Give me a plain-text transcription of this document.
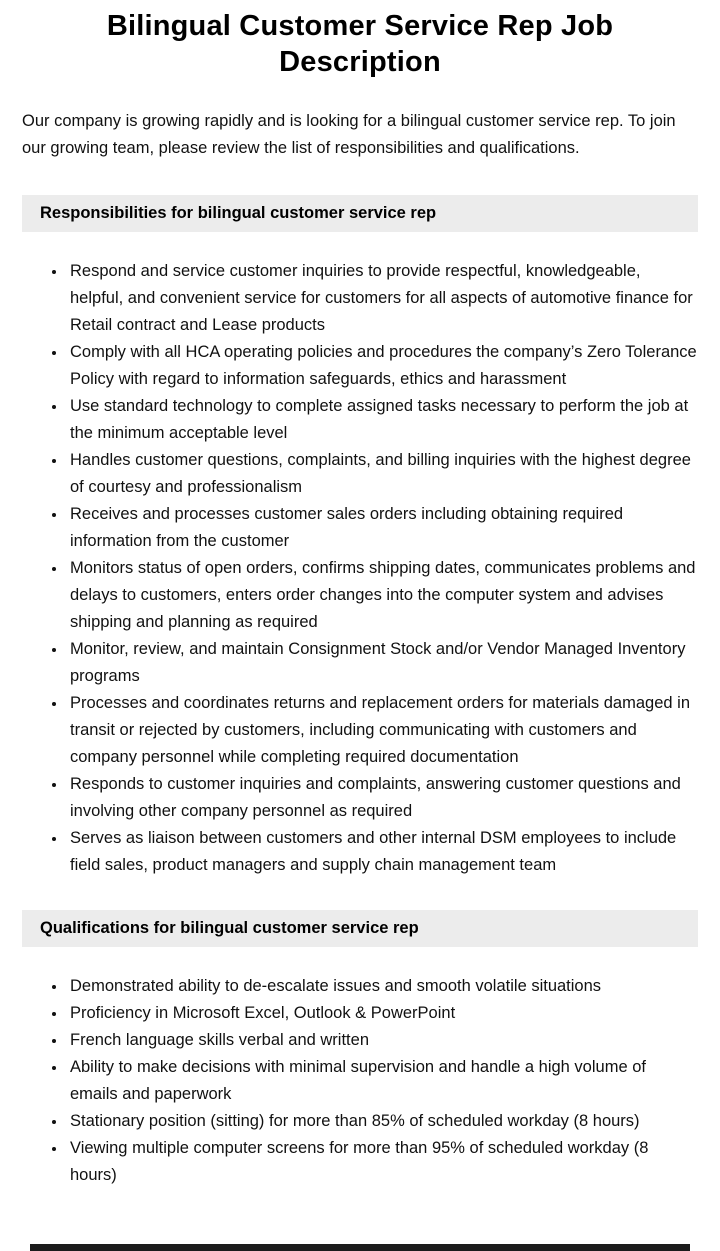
Bilingual Customer Service Rep Job Description

Our company is growing rapidly and is looking for a bilingual customer service rep. To join our growing team, please review the list of responsibilities and qualifications.

Responsibilities for bilingual customer service rep
• Respond and service customer inquiries to provide respectful, knowledgeable, helpful, and convenient service for customers for all aspects of automotive finance for Retail contract and Lease products
• Comply with all HCA operating policies and procedures the company’s Zero Tolerance Policy with regard to information safeguards, ethics and harassment
• Use standard technology to complete assigned tasks necessary to perform the job at the minimum acceptable level
• Handles customer questions, complaints, and billing inquiries with the highest degree of courtesy and professionalism
• Receives and processes customer sales orders including obtaining required information from the customer
• Monitors status of open orders, confirms shipping dates, communicates problems and delays to customers, enters order changes into the computer system and advises shipping and planning as required
• Monitor, review, and maintain Consignment Stock and/or Vendor Managed Inventory programs
• Processes and coordinates returns and replacement orders for materials damaged in transit or rejected by customers, including communicating with customers and company personnel while completing required documentation
• Responds to customer inquiries and complaints, answering customer questions and involving other company personnel as required
• Serves as liaison between customers and other internal DSM employees to include field sales, product managers and supply chain management team
Qualifications for bilingual customer service rep
• Demonstrated ability to de-escalate issues and smooth volatile situations
• Proficiency in Microsoft Excel, Outlook & PowerPoint
• French language skills verbal and written
• Ability to make decisions with minimal supervision and handle a high volume of emails and paperwork
• Stationary position (sitting) for more than 85% of scheduled workday (8 hours)
• Viewing multiple computer screens for more than 95% of scheduled workday (8 hours)
